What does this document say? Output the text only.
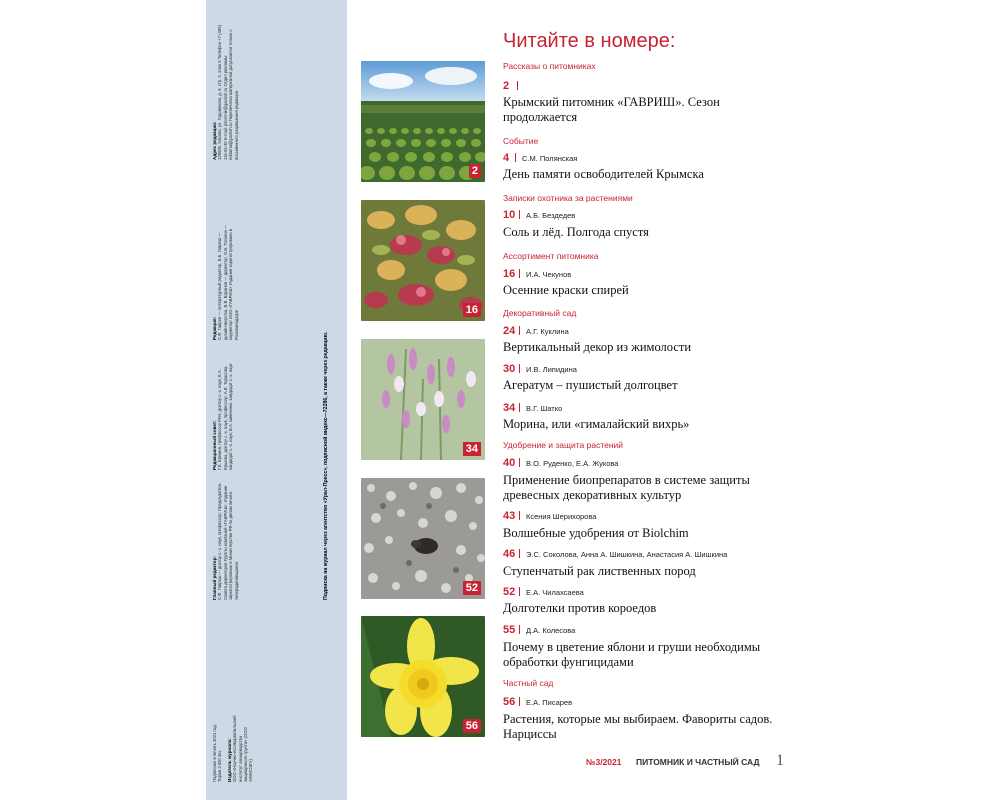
Подписано в печать 2021 год. Тираж 3 000 экз. Издатель журнала: ООО «Научно-исследовательский институт овощеводства защищенного грунта» (ООО «НИИОЗГ»)
Главный редактор: С.Ф. Гавриш — доктор с.-х. наук, профессор. Председатель Совета директоров Группы компаний «ГАВРИШ». Издание зарегистрировано в Министерстве РФ по делам печати, телерадиовещания.
Редакционный совет: Г.Е. Еремин, профессор РАН, доктор с.-х. наук; Е.А. Ершова, доктор с.-х. наук, профессор; А.В. Тарасова, кандидат с.-х. наук; В.А. Шевченко, кандидат с.-х. наук
Редакция: С.Ф. Гаврии — литературный редактор, Е.Б. Гавриш — дизайн-верстка, В.В. Баранов — директор, О.В. Тоскина — корректор ООО «ГАВРИШ» Издание зарегистрировано в Роскомнадзоре
Адрес редакции: 129085, Москва, ул. Годовикова, д. 9, стр. 2, этаж 5 Телефон +7 (495) 116-54-30 E-mail: pitomnik@gavrish.ru Отдел рекламы: reklama@gavrish.ru Перепечатка материалов допускается только с письменного разрешения редакции.
Подписка на журнал через агентство «Урал-Пресс», подписной индекс—72286, а также через редакцию.
2
16
34
52
56
Читайте в номере:
Рассказы о питомниках
2
Крымский питомник «ГАВРИШ». Сезон продолжается
Событие
4 С.М. Полянская
День памяти освободителей Крымска
Записки охотника за растениями
10 А.Б. Бездедев
Соль и лёд. Полгода спустя
Ассортимент питомника
16 И.А. Чекунов
Осенние краски спирей
Декоративный сад
24 А.Г. Куклина
Вертикальный декор из жимолости
30 И.В. Липидина
Агератум – пушистый долгоцвет
34 В.Г. Шатко
Морина, или «гималайский вихрь»
Удобрение и защита растений
40 В.О. Руденко, Е.А. Жукова
Применение биопрепаратов в системе защиты древесных декоративных культур
43 Ксения Шерихорова
Волшебные удобрения от Biolchim
46 Э.С. Соколова, Анна А. Шишкина, Анастасия А. Шишкина
Ступенчатый рак лиственных пород
52 Е.А. Чилахсаева
Долготелки против короедов
55 Д.А. Колесова
Почему в цветение яблони и груши необходимы обработки фунгицидами
Частный сад
56 Е.А. Писарев
Растения, которые мы выбираем. Фавориты садов. Нарциссы
№3/2021 ПИТОМНИК И ЧАСТНЫЙ САД 1
